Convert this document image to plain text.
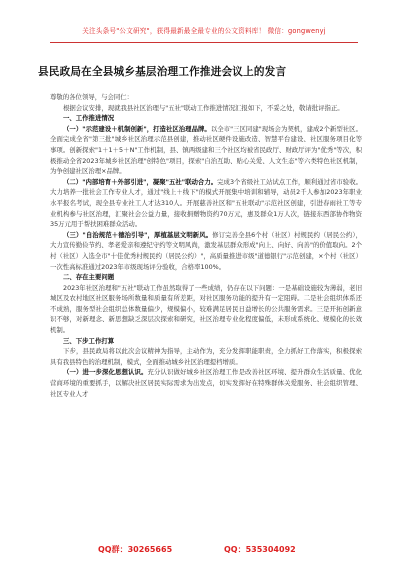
关注头条号"公文研究"，获得最新最全最专业的公文资料库！ 微信：gongwenyj
县民政局在全县城乡基层治理工作推进会议上的发言

尊敬的各位领导，与会同仁：

根据会议安排，现就我县社区治理与"五社"联动工作推进情况汇报如下，不妥之处，敬请批评指正。

一、工作推进情况

（一）"示范建设＋机制创新"，打造社区治理品牌。以全市"三区同建"现场会为契机，建成2个新型社区。全面完成全省"第三批"城乡社区治理示范县创建，推动社区硬件设施改造、智慧平台建设、社区服务项目化等事项。创新探索"1＋1＋5＋N"工作机制，县、镇两级建和三个社区均被省民政厅、财政厅评为"优秀"等次，积极推动全省2023年城乡社区治理"创特色"项目，探索"自治互助、贴心关爱、人文生态"等六类特色社区机制，为争创建社区治理×品牌。

（二）"内部培育＋外部引进"，凝聚"五社"联动合力。完成3个省级社工站试点工作，顺利通过省市验收。大力培养一批社会工作专业人才，通过"线上＋线下"的模式开展集中培训和辅导，动员2千人参加2023年职业水平报名考试，现全县专业社工人才达310人。开展慈善社区和"五社联动"示范社区创建，引进春雨社工等专业机构参与社区治理，汇聚社会公益力量，接收捐赠物资约70万元，惠及群众1万人次，链接东西部协作物资35万元用于帮扶困难群众活动。

（三）"自治规范＋德治引导"，厚植基层文明新风。修订完善全县6个村（社区）村规民约（居民公约），大力宣传勤俭节约、孝老爱亲和遵纪守约等文明风尚，激发基层群众形成"向上、向好、向善"的价值取向。2个村（社区）入选全市"十佳优秀村规民约（居民公约）"，高质量推进市级"道德银行"示范创建，×个村（社区）一次性高标准通过2023年市级现场评分验收，合格率100%。

二、存在主要问题

2023年社区治理和"五社"联动工作虽然取得了一些成绩，仍存在以下问题：一是基础设施较为薄弱，老旧城区及农村地区社区服务场所数量和质量有所差距，对社区服务功能的提升有一定阻碍。二是社会组织体系还不成熟，服务型社会组织总体数量偏少，规模偏小，较难满足居民日益增长的公共服务需求。三是开拓创新意识不够，对新理念、新思想缺乏深层次探索和研究，社区治理专业化程度偏低，未形成系统化、规模化的长效机制。

三、下步工作打算

下步，县民政局将以此次会议精神为指导，主动作为，充分发挥职能职责，全力抓好工作落实，积极探索具有我县特色的治理机制，模式，全面推动城乡社区治理提档增质。

（一）进一步深化思想认识。充分认识做好城乡社区治理工作是改善社区环境、提升群众生活质量、优化营商环境的重要抓手，以解决社区居民实际需求为出发点，切实发挥好在特殊群体关爱服务、社会组织管理、社区专业人才

QQ群：30265665	QQ：535304092
